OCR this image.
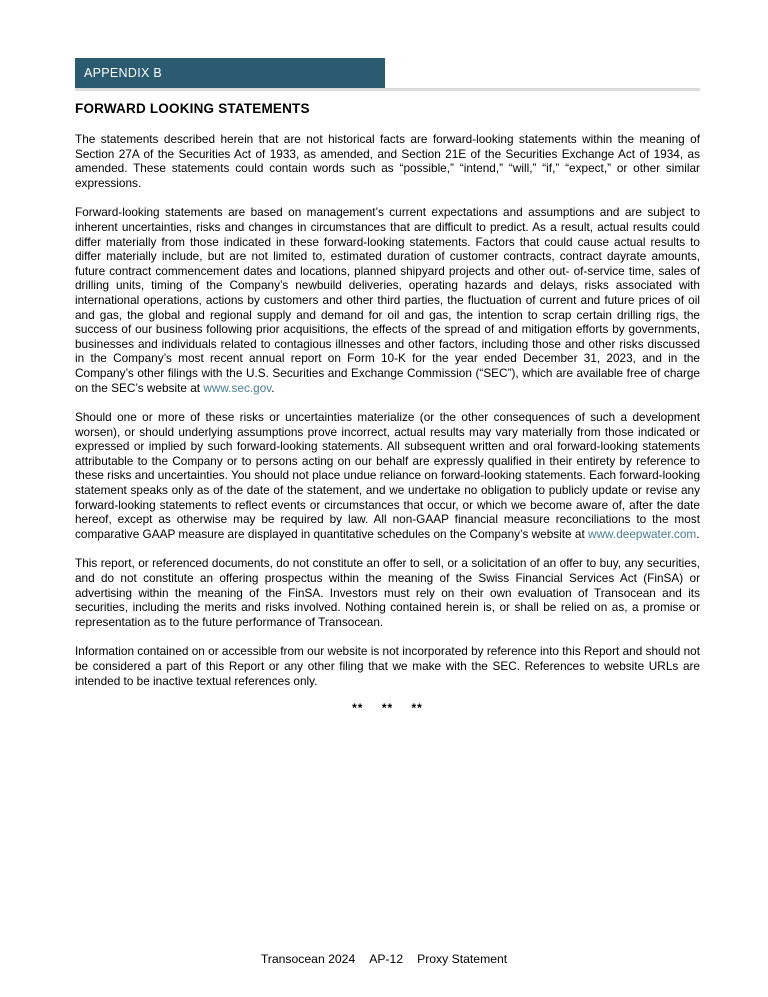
APPENDIX B
FORWARD LOOKING STATEMENTS

The statements described herein that are not historical facts are forward-looking statements within the meaning of Section 27A of the Securities Act of 1933, as amended, and Section 21E of the Securities Exchange Act of 1934, as amended. These statements could contain words such as “possible,” “intend,” “will,” “if,” “expect,” or other similar expressions.

Forward-looking statements are based on management’s current expectations and assumptions and are subject to inherent uncertainties, risks and changes in circumstances that are difficult to predict. As a result, actual results could differ materially from those indicated in these forward-looking statements. Factors that could cause actual results to differ materially include, but are not limited to, estimated duration of customer contracts, contract dayrate amounts, future contract commencement dates and locations, planned shipyard projects and other out- of-service time, sales of drilling units, timing of the Company’s newbuild deliveries, operating hazards and delays, risks associated with international operations, actions by customers and other third parties, the fluctuation of current and future prices of oil and gas, the global and regional supply and demand for oil and gas, the intention to scrap certain drilling rigs, the success of our business following prior acquisitions, the effects of the spread of and mitigation efforts by governments, businesses and individuals related to contagious illnesses and other factors, including those and other risks discussed in the Company’s most recent annual report on Form 10-K for the year ended December 31, 2023, and in the Company’s other filings with the U.S. Securities and Exchange Commission (“SEC”), which are available free of charge on the SEC’s website at www.sec.gov.

Should one or more of these risks or uncertainties materialize (or the other consequences of such a development worsen), or should underlying assumptions prove incorrect, actual results may vary materially from those indicated or expressed or implied by such forward-looking statements. All subsequent written and oral forward-looking statements attributable to the Company or to persons acting on our behalf are expressly qualified in their entirety by reference to these risks and uncertainties. You should not place undue reliance on forward-looking statements. Each forward-looking statement speaks only as of the date of the statement, and we undertake no obligation to publicly update or revise any forward-looking statements to reflect events or circumstances that occur, or which we become aware of, after the date hereof, except as otherwise may be required by law. All non-GAAP financial measure reconciliations to the most comparative GAAP measure are displayed in quantitative schedules on the Company’s website at www.deepwater.com.

This report, or referenced documents, do not constitute an offer to sell, or a solicitation of an offer to buy, any securities, and do not constitute an offering prospectus within the meaning of the Swiss Financial Services Act (FinSA) or advertising within the meaning of the FinSA. Investors must rely on their own evaluation of Transocean and its securities, including the merits and risks involved. Nothing contained herein is, or shall be relied on as, a promise or representation as to the future performance of Transocean.

Information contained on or accessible from our website is not incorporated by reference into this Report and should not be considered a part of this Report or any other filing that we make with the SEC. References to website URLs are intended to be inactive textual references only.

** ** **
Transocean 2024 AP-12 Proxy Statement
